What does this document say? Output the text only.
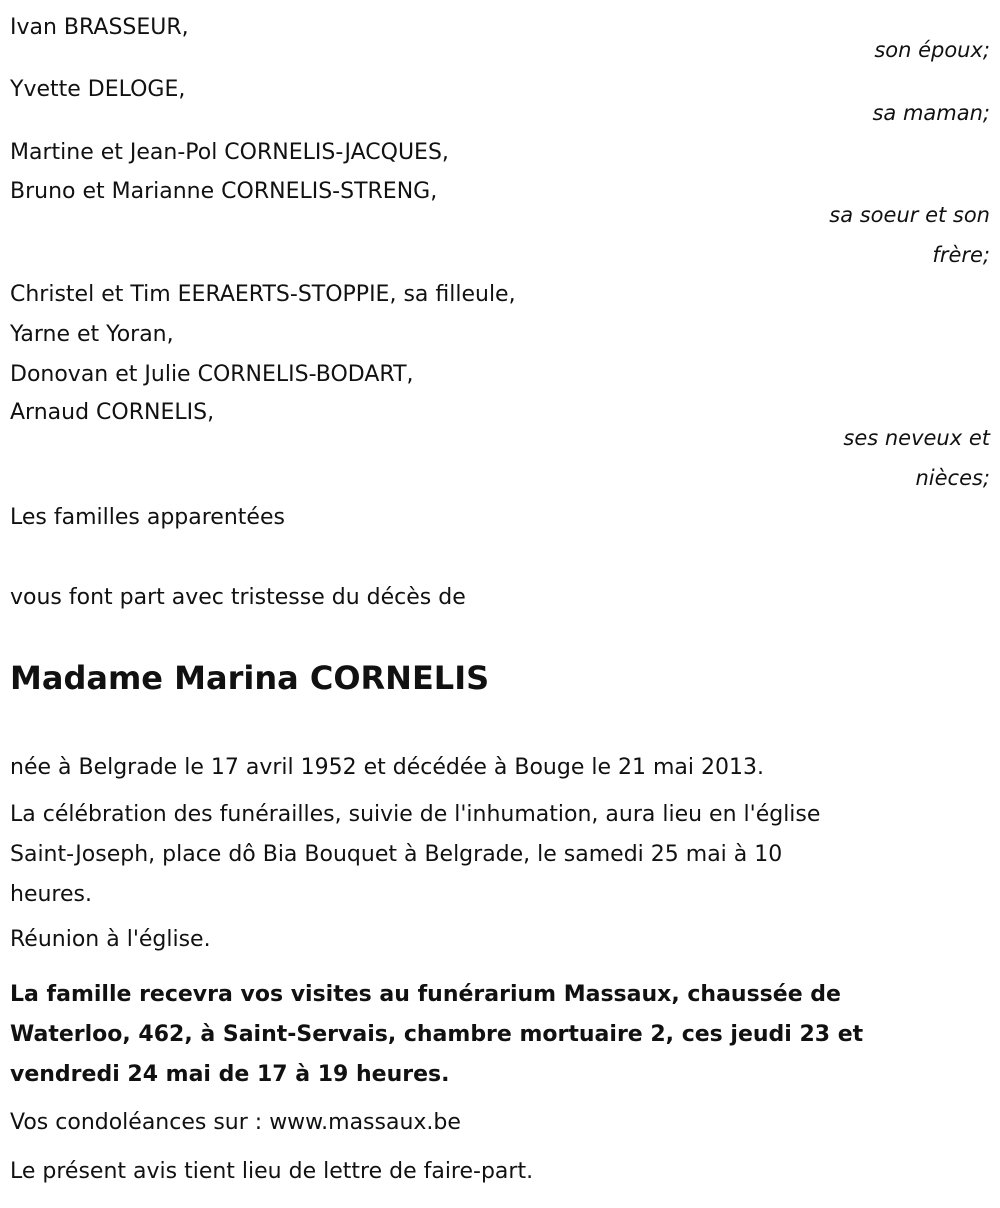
Ivan BRASSEUR,
son époux;
Yvette DELOGE,
sa maman;
Martine et Jean-Pol CORNELIS-JACQUES,
Bruno et Marianne CORNELIS-STRENG,
sa soeur et son
frère;
Christel et Tim EERAERTS-STOPPIE, sa filleule,
Yarne et Yoran,
Donovan et Julie CORNELIS-BODART,
Arnaud CORNELIS,
ses neveux et
nièces;
Les familles apparentées
vous font part avec tristesse du décès de
Madame Marina CORNELIS
née à Belgrade le 17 avril 1952 et décédée à Bouge le 21 mai 2013.
La célébration des funérailles, suivie de l'inhumation, aura lieu en l'église
Saint-Joseph, place dô Bia Bouquet à Belgrade, le samedi 25 mai à 10
heures.
Réunion à l'église.
La famille recevra vos visites au funérarium Massaux, chaussée de
Waterloo, 462, à Saint-Servais, chambre mortuaire 2, ces jeudi 23 et
vendredi 24 mai de 17 à 19 heures.
Vos condoléances sur : www.massaux.be
Le présent avis tient lieu de lettre de faire-part.
